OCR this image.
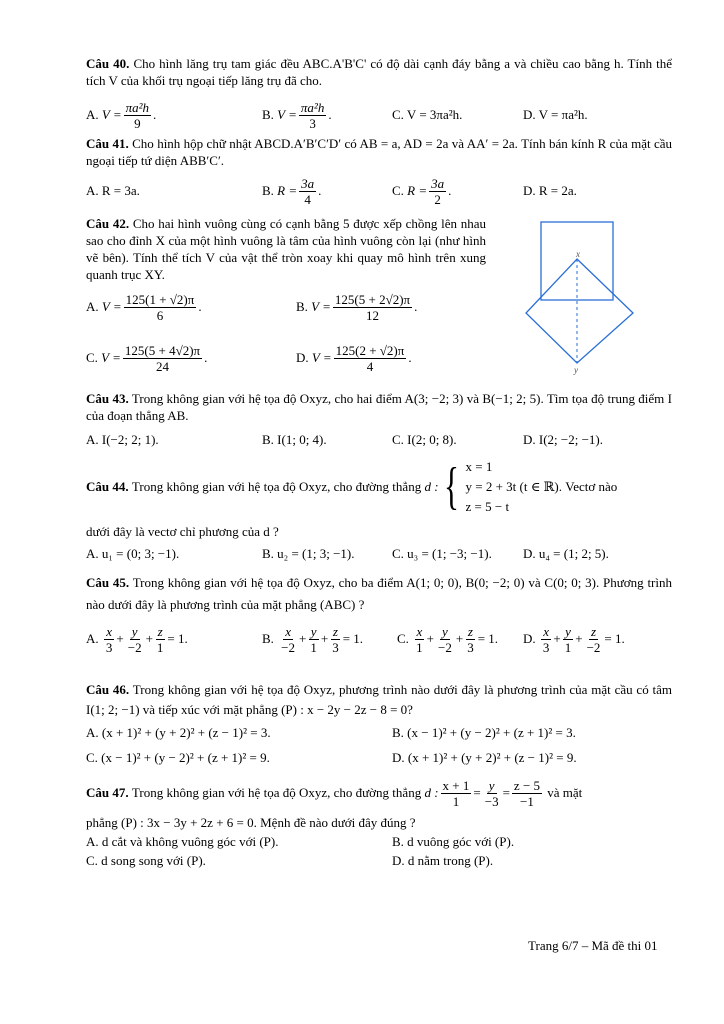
Câu 40. Cho hình lăng trụ tam giác đều ABC.A'B'C' có độ dài cạnh đáy bằng a và chiều cao bằng h. Tính thể tích V của khối trụ ngoại tiếp lăng trụ đã cho.

A.
$V = \frac{\text{πa²h}}{9}$ .	B.
$V = \frac{\text{πa²h}}{3}$ .	C. V = 3πa²h.	D. V = πa²h.

Câu 41. Cho hình hộp chữ nhật ABCD.A′B′C′D′ có AB = a, AD = 2a và AA′ = 2a. Tính bán kính R của mặt cầu ngoại tiếp tứ diện ABB′C′.

A. R = 3a.	B.
$R = \frac{3a}{4}$ .	C.
$R = \frac{3a}{2}$ .	D. R = 2a.

Câu 42. Cho hai hình vuông cùng có cạnh bằng 5 được xếp chồng lên nhau sao cho đỉnh X của một hình vuông là tâm của hình vuông còn lại (như hình vẽ bên). Tính thể tích V của vật thể tròn xoay khi quay mô hình trên xung quanh trục XY.

A.
$V = \frac{125(1 + √2)\pi}{6}$ .	B.
$V = \frac{125(5 + 2√2)\pi}{12}$ .
C.
$V = \frac{125(5 + 4√2)\pi}{24}$ .	D.
$V = \frac{125(2 + √2)\pi}{4}$ .
x
y

Câu 43. Trong không gian với hệ tọa độ Oxyz, cho hai điểm A(3; −2; 3) và B(−1; 2; 5). Tìm tọa độ trung điểm I của đoạn thẳng AB.

A. I(−2; 2; 1).	B. I(1; 0; 4).	C. I(2; 0; 8).	D. I(2; −2; −1).
Câu 44.
Trong không gian với hệ tọa độ Oxyz, cho đường thẳng
d : { x = 1
y = 2 + 3t (t ∈ ℝ).
z = 5 − t

Vectơ nào
dưới đây là vectơ chỉ phương của d ?
A. u₁ = (0; 3; −1).	B. u₂ = (1; 3; −1).	C. u₃ = (1; −3; −1). D. u₄ = (1; 2; 5).

Câu 45. Trong không gian với hệ tọa độ Oxyz, cho ba điểm A(1; 0; 0), B(0; −2; 0) và C(0; 0; 3). Phương trình nào dưới đây là phương trình của mặt phẳng (ABC) ?

A.
$\frac{x}{3} + \frac{y}{-2} + \frac{z}{1} = 1$.	B.
$\frac{x}{-2} + \frac{y}{1} + \frac{z}{3} = 1$.	C.
$\frac{x}{1} + \frac{y}{-2} + \frac{z}{3} = 1$. D.
$\frac{x}{3} + \frac{y}{1} + \frac{z}{-2} = 1$.

Câu 46. Trong không gian với hệ tọa độ Oxyz, phương trình nào dưới đây là phương trình của mặt cầu có tâm I(1; 2; −1) và tiếp xúc với mặt phẳng (P) : x − 2y − 2z − 8 = 0?

A. (x + 1)² + (y + 2)² + (z − 1)² = 3.	B. (x − 1)² + (y − 2)² + (z + 1)² = 3.
C. (x − 1)² + (y − 2)² + (z + 1)² = 9.	D. (x + 1)² + (y + 2)² + (z − 1)² = 9.
Câu 47.
Trong không gian với hệ tọa độ Oxyz, cho đường thẳng
d : $\frac{x + 1}{1} = \frac{y}{-3} = \frac{z - 5}{-1}$
và mặt
phẳng (P) : 3x − 3y + 2z + 6 = 0. Mệnh đề nào dưới đây đúng ?
A. d cắt và không vuông góc với (P).	B. d vuông góc với (P).
C. d song song với (P).	D. d nằm trong (P).
Trang 6/7 – Mã đề thi 01
